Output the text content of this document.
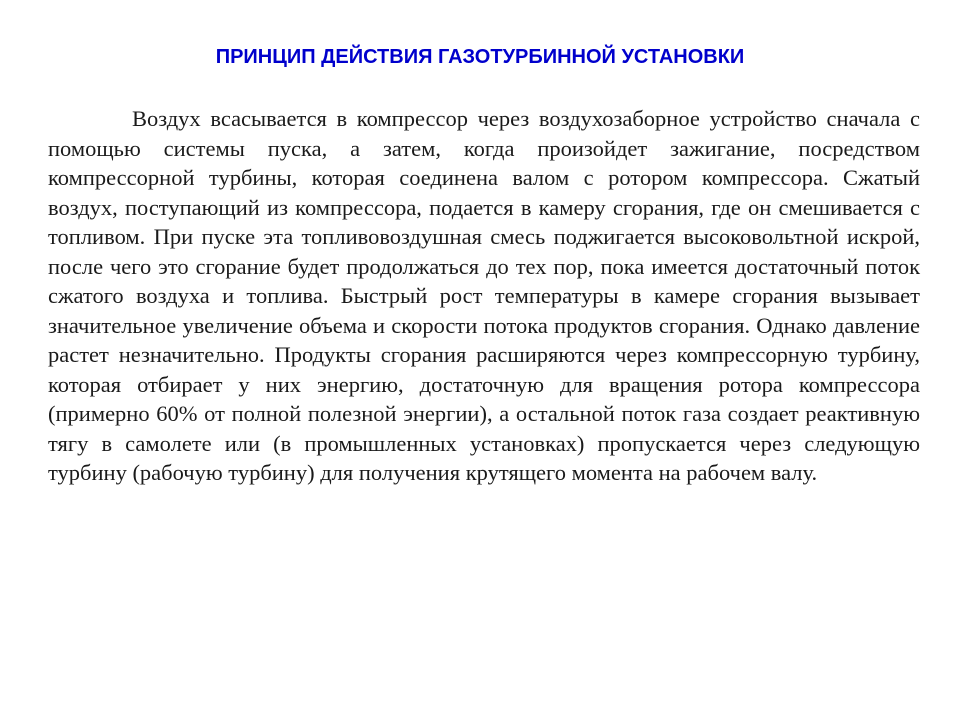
ПРИНЦИП ДЕЙСТВИЯ ГАЗОТУРБИННОЙ УСТАНОВКИ

Воздух всасывается в компрессор через воздухозаборное устройство сначала с помощью системы пуска, а затем, когда произойдет зажигание, посредством компрессорной турбины, которая соединена валом с ротором компрессора. Сжатый воздух, поступающий из компрессора, подается в камеру сгорания, где он смешивается с топливом. При пуске эта топливовоздушная смесь поджигается высоковольтной искрой, после чего это сгорание будет продолжаться до тех пор, пока имеется достаточный поток сжатого воздуха и топлива. Быстрый рост температуры в камере сгорания вызывает значительное увеличение объема и скорости потока продуктов сгорания. Однако давление растет незначительно. Продукты сгорания расширяются через компрессорную турбину, которая отбирает у них энергию, достаточную для вращения ротора компрессора (примерно 60% от полной полезной энергии), а остальной поток газа создает реактивную тягу в самолете или (в промышленных установках) пропускается через следующую турбину (рабочую турбину) для получения крутящего момента на рабочем валу.
